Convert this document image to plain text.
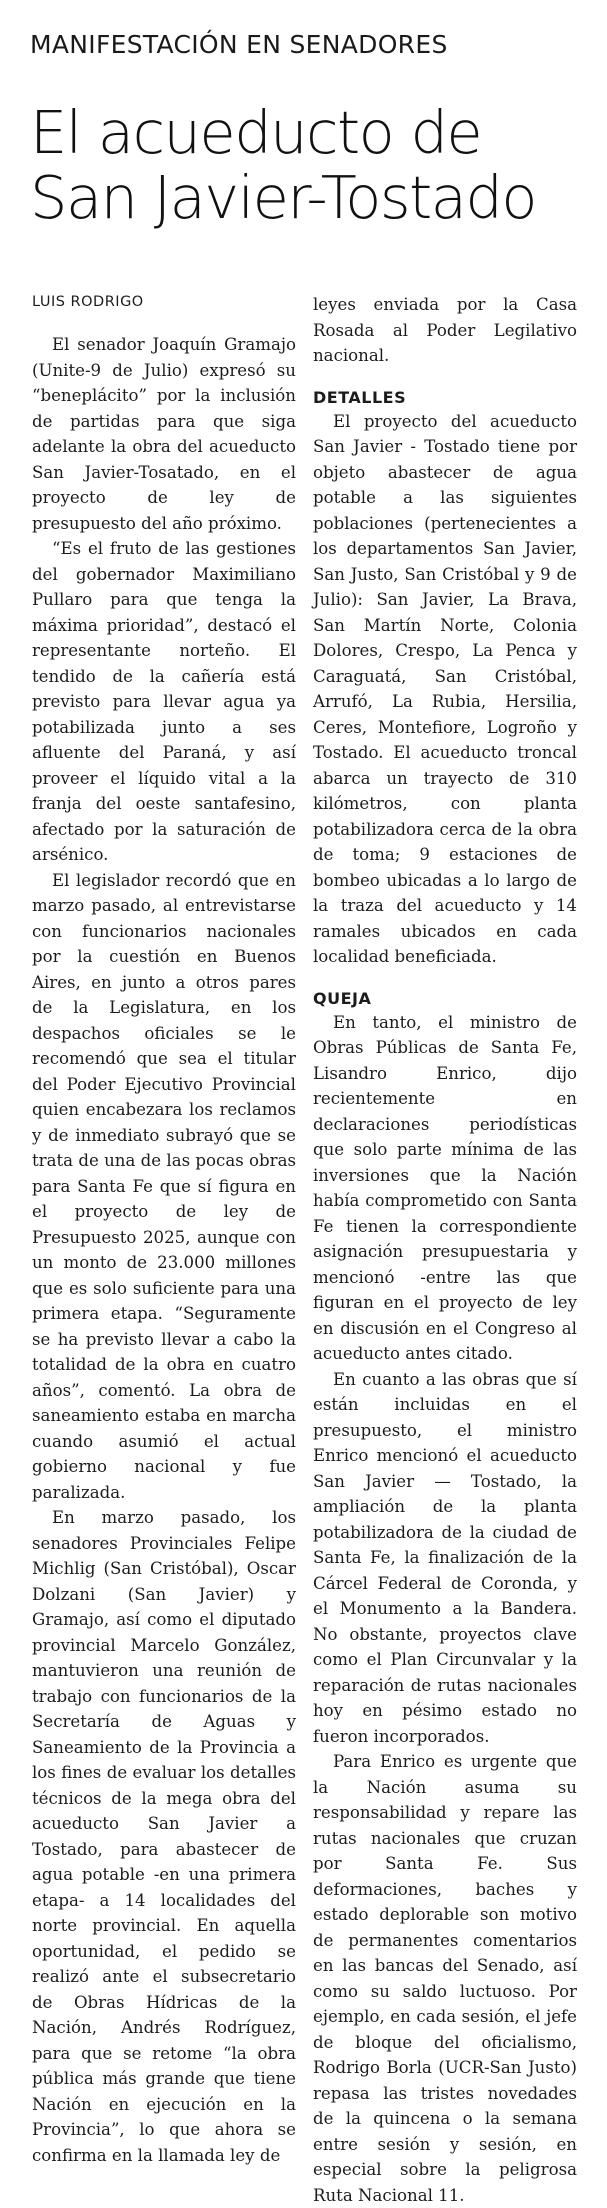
MANIFESTACIÓN EN SENADORES
El acueducto de
San Javier-Tostado
LUIS RODRIGO

El senador Joaquín Gramajo (Unite-9 de Julio) expresó su “beneplácito” por la inclusión de partidas para que siga adelante la obra del acueducto San Javier-Tosatado, en el proyecto de ley de presupuesto del año próximo.

“Es el fruto de las gestiones del gobernador Maximiliano Pullaro para que tenga la máxima prioridad”, destacó el representante norteño. El tendido de la cañería está previsto para llevar agua ya potabilizada junto a ses afluente del Paraná, y así proveer el líquido vital a la franja del oeste santafesino, afectado por la saturación de arsénico.

El legislador recordó que en marzo pasado, al entrevistarse con funcionarios nacionales por la cuestión en Buenos Aires, en junto a otros pares de la Legislatura, en los despachos oficiales se le recomendó que sea el titular del Poder Ejecutivo Provincial quien encabezara los reclamos y de inmediato subrayó que se trata de una de las pocas obras para Santa Fe que sí figura en el proyecto de ley de Presupuesto 2025, aunque con un monto de 23.000 millones que es solo suficiente para una primera etapa. “Seguramente se ha previsto llevar a cabo la totalidad de la obra en cuatro años”, comentó. La obra de saneamiento estaba en marcha cuando asumió el actual gobierno nacional y fue paralizada.

En marzo pasado, los senadores Provinciales Felipe Michlig (San Cristóbal), Oscar Dolzani (San Javier) y Gramajo, así como el diputado provincial Marcelo González, mantuvieron una reunión de trabajo con funcionarios de la Secretaría de Aguas y Saneamiento de la Provincia a los fines de evaluar los detalles técnicos de la mega obra del acueducto San Javier a Tostado, para abastecer de agua potable -en una primera etapa- a 14 localidades del norte provincial. En aquella oportunidad, el pedido se realizó ante el subsecretario de Obras Hídricas de la Nación, Andrés Rodríguez, para que se retome “la obra pública más grande que tiene Nación en ejecución en la Provincia”, lo que ahora se confirma en la llamada ley de

leyes enviada por la Casa Rosada al Poder Legilativo nacional.

DETALLES

El proyecto del acueducto San Javier - Tostado tiene por objeto abastecer de agua potable a las siguientes poblaciones (pertenecientes a los departamentos San Javier, San Justo, San Cristóbal y 9 de Julio): San Javier, La Brava, San Martín Norte, Colonia Dolores, Crespo, La Penca y Caraguatá, San Cristóbal, Arrufó, La Rubia, Hersilia, Ceres, Montefiore, Logroño y Tostado. El acueducto troncal abarca un trayecto de 310 kilómetros, con planta potabilizadora cerca de la obra de toma; 9 estaciones de bombeo ubicadas a lo largo de la traza del acueducto y 14 ramales ubicados en cada localidad beneficiada.

QUEJA

En tanto, el ministro de Obras Públicas de Santa Fe, Lisandro Enrico, dijo recientemente en declaraciones periodísticas que solo parte mínima de las inversiones que la Nación había comprometido con Santa Fe tienen la correspondiente asignación presupuestaria y mencionó -entre las que figuran en el proyecto de ley en discusión en el Congreso al acueducto antes citado.

En cuanto a las obras que sí están incluidas en el presupuesto, el ministro Enrico mencionó el acueducto San Javier — Tostado, la ampliación de la planta potabilizadora de la ciudad de Santa Fe, la finalización de la Cárcel Federal de Coronda, y el Monumento a la Bandera. No obstante, proyectos clave como el Plan Circunvalar y la reparación de rutas nacionales hoy en pésimo estado no fueron incorporados.

Para Enrico es urgente que la Nación asuma su responsabilidad y repare las rutas nacionales que cruzan por Santa Fe. Sus deformaciones, baches y estado deplorable son motivo de permanentes comentarios en las bancas del Senado, así como su saldo luctuoso. Por ejemplo, en cada sesión, el jefe de bloque del oficialismo, Rodrigo Borla (UCR-San Justo) repasa las tristes novedades de la quincena o la semana entre sesión y sesión, en especial sobre la peligrosa Ruta Nacional 11.
